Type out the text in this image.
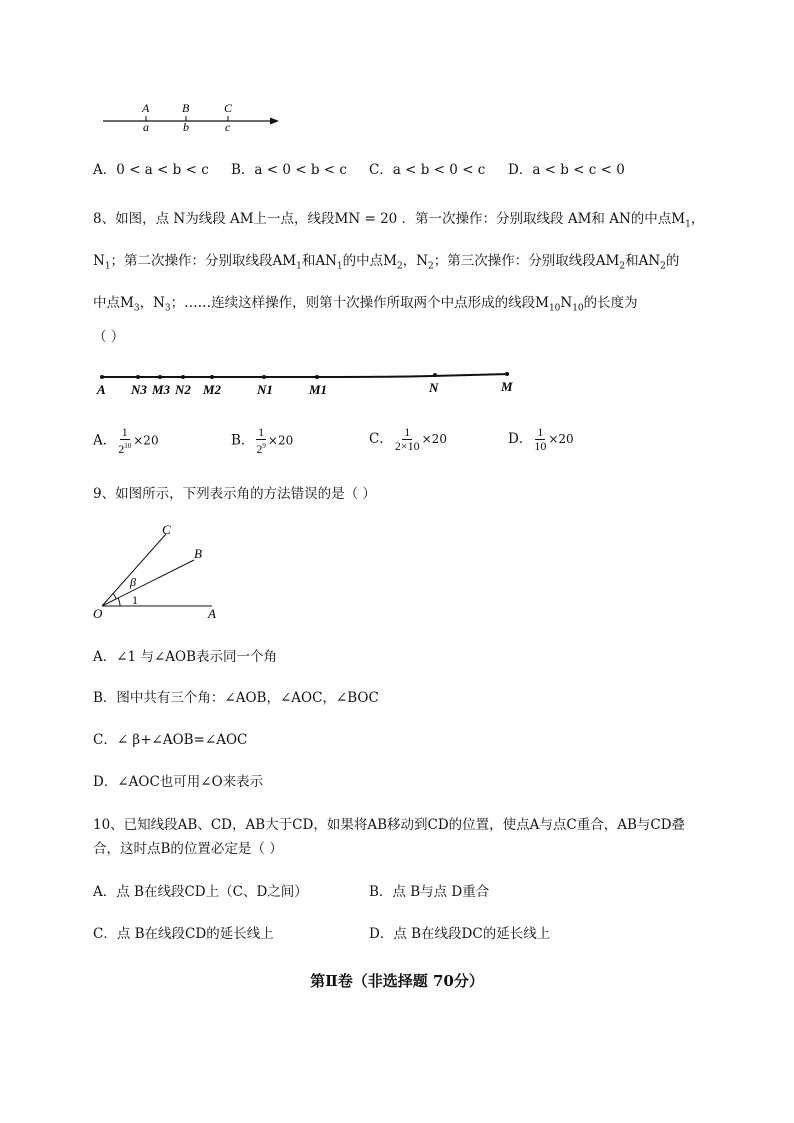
A	B	C
a	b	c
A．0 < a < b < c B．a < 0 < b < c C．a < b < 0 < c D．a < b < c < 0
8、如图，点 N为线段 AM上一点，线段MN = 20 ．第一次操作：分别取线段 AM和 AN的中点$M_1$，
$N_1$；第二次操作：分别取线段$AM_1$和$AN_1$的中点$M_2$，$N_2$；第三次操作：分别取线段$AM_2$和$AN_2$的
中点$M_3$，$N_3$；……连续这样操作，则第十次操作所取两个中点形成的线段$M_{10}N_{10}$的长度为
（ ）
A N3 M3 N2 M2	N1	M1	N	M
A． $\frac{1}{2^{10}} \times 20$	B． $\frac{1}{2^9} \times 20$	C． $\frac{1}{2\times 10} \times 20$	D． $\frac{1}{10} \times 20$
9、如图所示，下列表示角的方法错误的是（ ）
C
B
O	A
β
1
A．∠1 与∠AOB表示同一个角
B．图中共有三个角：∠AOB，∠AOC，∠BOC
C．∠ β+∠AOB=∠AOC
D．∠AOC也可用∠O来表示
10、已知线段AB、CD，AB大于CD，如果将AB移动到CD的位置，使点A与点C重合，AB与CD叠
合，这时点B的位置必定是（ ）
A．点 B在线段CD上（C、D之间）	B．点 B与点 D重合
C．点 B在线段CD的延长线上	D．点 B在线段DC的延长线上
第Ⅱ卷（非选择题 70分）
